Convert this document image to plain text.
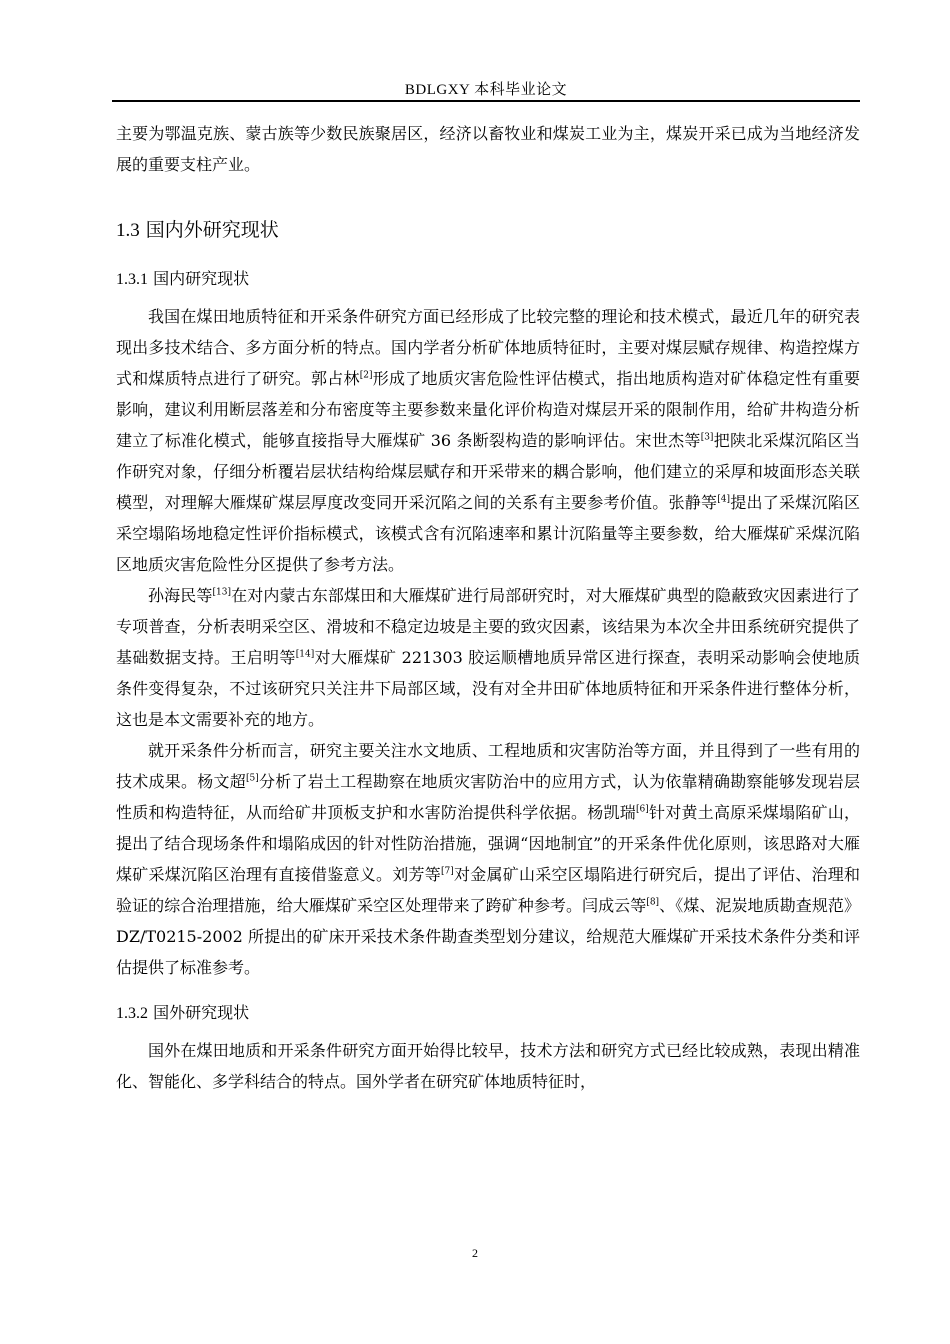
BDLGXY 本科毕业论文

主要为鄂温克族、蒙古族等少数民族聚居区，经济以畜牧业和煤炭工业为主，煤炭开采已成为当地经济发展的重要支柱产业。

1.3 国内外研究现状
1.3.1 国内研究现状

我国在煤田地质特征和开采条件研究方面已经形成了比较完整的理论和技术模式，最近几年的研究表现出多技术结合、多方面分析的特点。国内学者分析矿体地质特征时，主要对煤层赋存规律、构造控煤方式和煤质特点进行了研究。郭占林[2]形成了地质灾害危险性评估模式，指出地质构造对矿体稳定性有重要影响，建议利用断层落差和分布密度等主要参数来量化评价构造对煤层开采的限制作用，给矿井构造分析建立了标准化模式，能够直接指导大雁煤矿 36 条断裂构造的影响评估。宋世杰等[3]把陕北采煤沉陷区当作研究对象，仔细分析覆岩层状结构给煤层赋存和开采带来的耦合影响，他们建立的采厚和坡面形态关联模型，对理解大雁煤矿煤层厚度改变同开采沉陷之间的关系有主要参考价值。张静等[4]提出了采煤沉陷区采空塌陷场地稳定性评价指标模式，该模式含有沉陷速率和累计沉陷量等主要参数，给大雁煤矿采煤沉陷区地质灾害危险性分区提供了参考方法。

孙海民等[13]在对内蒙古东部煤田和大雁煤矿进行局部研究时，对大雁煤矿典型的隐蔽致灾因素进行了专项普查，分析表明采空区、滑坡和不稳定边坡是主要的致灾因素，该结果为本次全井田系统研究提供了基础数据支持。王启明等[14]对大雁煤矿 221303 胶运顺槽地质异常区进行探查，表明采动影响会使地质条件变得复杂，不过该研究只关注井下局部区域，没有对全井田矿体地质特征和开采条件进行整体分析，这也是本文需要补充的地方。

就开采条件分析而言，研究主要关注水文地质、工程地质和灾害防治等方面，并且得到了一些有用的技术成果。杨文超[5]分析了岩土工程勘察在地质灾害防治中的应用方式，认为依靠精确勘察能够发现岩层性质和构造特征，从而给矿井顶板支护和水害防治提供科学依据。杨凯瑞[6]针对黄土高原采煤塌陷矿山，提出了结合现场条件和塌陷成因的针对性防治措施，强调“因地制宜”的开采条件优化原则，该思路对大雁煤矿采煤沉陷区治理有直接借鉴意义。刘芳等[7]对金属矿山采空区塌陷进行研究后，提出了评估、治理和验证的综合治理措施，给大雁煤矿采空区处理带来了跨矿种参考。闫成云等[8]、《煤、泥炭地质勘查规范》DZ/T0215-2002 所提出的矿床开采技术条件勘查类型划分建议，给规范大雁煤矿开采技术条件分类和评估提供了标准参考。

1.3.2 国外研究现状

国外在煤田地质和开采条件研究方面开始得比较早，技术方法和研究方式已经比较成熟，表现出精准化、智能化、多学科结合的特点。国外学者在研究矿体地质特征时，

2
